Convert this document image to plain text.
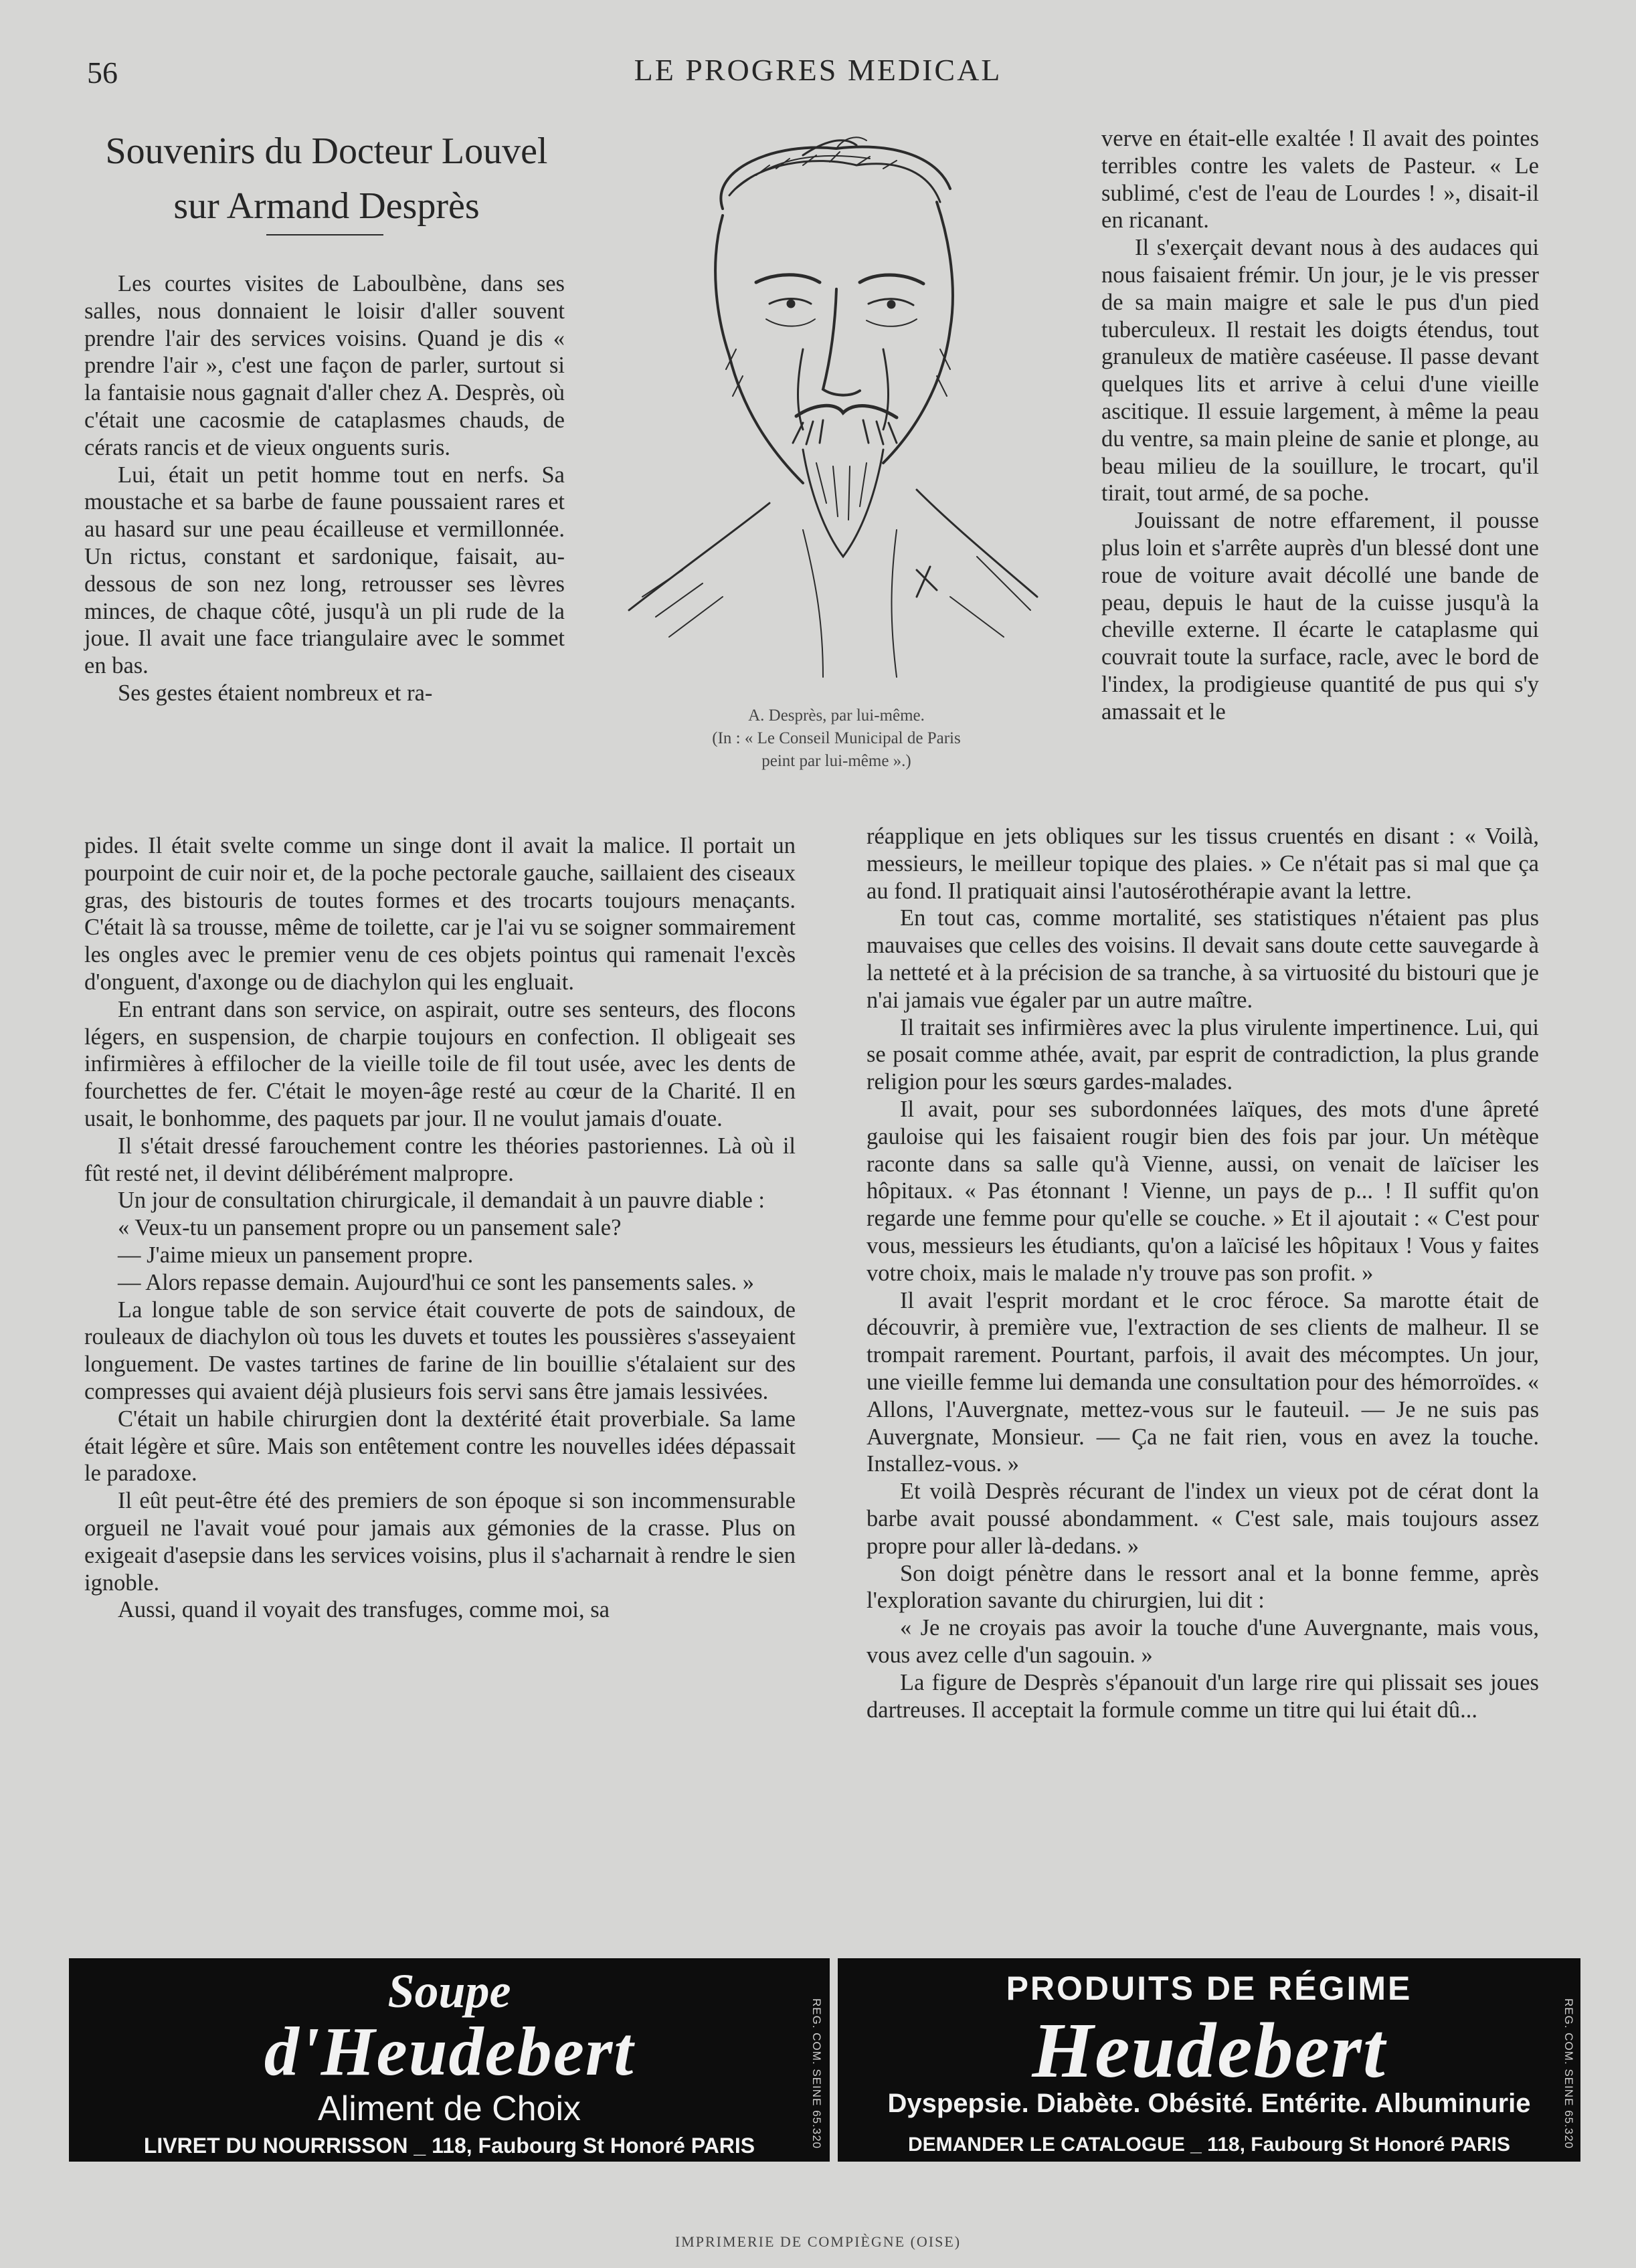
56	LE PROGRES MEDICAL
Souvenirs du Docteur Louvel
sur Armand Desprès

Les courtes visites de Laboulbène, dans ses salles, nous donnaient le loisir d'aller souvent prendre l'air des services voisins. Quand je dis « prendre l'air », c'est une façon de parler, surtout si la fantaisie nous gagnait d'aller chez A. Desprès, où c'était une cacosmie de cataplasmes chauds, de cérats rancis et de vieux onguents suris.

Lui, était un petit homme tout en nerfs. Sa moustache et sa barbe de faune poussaient rares et au hasard sur une peau écailleuse et vermillonnée. Un rictus, constant et sardonique, faisait, au-dessous de son nez long, retrousser ses lèvres minces, de chaque côté, jusqu'à un pli rude de la joue. Il avait une face triangulaire avec le sommet en bas.

Ses gestes étaient nombreux et ra-

pides. Il était svelte comme un singe dont il avait la malice. Il portait un pourpoint de cuir noir et, de la poche pectorale gauche, saillaient des ciseaux gras, des bistouris de toutes formes et des trocarts toujours menaçants. C'était là sa trousse, même de toilette, car je l'ai vu se soigner sommairement les ongles avec le premier venu de ces objets pointus qui ramenait l'excès d'onguent, d'axonge ou de diachylon qui les engluait.

En entrant dans son service, on aspirait, outre ses senteurs, des flocons légers, en suspension, de charpie toujours en confection. Il obligeait ses infirmières à effilocher de la vieille toile de fil tout usée, avec les dents de fourchettes de fer. C'était le moyen-âge resté au cœur de la Charité. Il en usait, le bonhomme, des paquets par jour. Il ne voulut jamais d'ouate.

Il s'était dressé farouchement contre les théories pastoriennes. Là où il fût resté net, il devint délibérément malpropre.

Un jour de consultation chirurgicale, il demandait à un pauvre diable :

« Veux-tu un pansement propre ou un pansement sale?

— J'aime mieux un pansement propre.

— Alors repasse demain. Aujourd'hui ce sont les pansements sales. »

La longue table de son service était couverte de pots de saindoux, de rouleaux de diachylon où tous les duvets et toutes les poussières s'asseyaient longuement. De vastes tartines de farine de lin bouillie s'étalaient sur des compresses qui avaient déjà plusieurs fois servi sans être jamais lessivées.

C'était un habile chirurgien dont la dextérité était proverbiale. Sa lame était légère et sûre. Mais son entêtement contre les nouvelles idées dépassait le paradoxe.

Il eût peut-être été des premiers de son époque si son incommensurable orgueil ne l'avait voué pour jamais aux gémonies de la crasse. Plus on exigeait d'asepsie dans les services voisins, plus il s'acharnait à rendre le sien ignoble.

Aussi, quand il voyait des transfuges, comme moi, sa

A. Desprès, par lui-même.
(In : « Le Conseil Municipal de Paris
peint par lui-même ».)

verve en était-elle exaltée ! Il avait des pointes terribles contre les valets de Pasteur. « Le sublimé, c'est de l'eau de Lourdes ! », disait-il en ricanant.

Il s'exerçait devant nous à des audaces qui nous faisaient frémir. Un jour, je le vis presser de sa main maigre et sale le pus d'un pied tuberculeux. Il restait les doigts étendus, tout granuleux de matière caséeuse. Il passe devant quelques lits et arrive à celui d'une vieille ascitique. Il essuie largement, à même la peau du ventre, sa main pleine de sanie et plonge, au beau milieu de la souillure, le trocart, qu'il tirait, tout armé, de sa poche.

Jouissant de notre effarement, il pousse plus loin et s'arrête auprès d'un blessé dont une roue de voiture avait décollé une bande de peau, depuis le haut de la cuisse jusqu'à la cheville externe. Il écarte le cataplasme qui couvrait toute la surface, racle, avec le bord de l'index, la prodigieuse quantité de pus qui s'y amassait et le

réapplique en jets obliques sur les tissus cruentés en disant : « Voilà, messieurs, le meilleur topique des plaies. » Ce n'était pas si mal que ça au fond. Il pratiquait ainsi l'autosérothérapie avant la lettre.

En tout cas, comme mortalité, ses statistiques n'étaient pas plus mauvaises que celles des voisins. Il devait sans doute cette sauvegarde à la netteté et à la précision de sa tranche, à sa virtuosité du bistouri que je n'ai jamais vue égaler par un autre maître.

Il traitait ses infirmières avec la plus virulente impertinence. Lui, qui se posait comme athée, avait, par esprit de contradiction, la plus grande religion pour les sœurs gardes-malades.

Il avait, pour ses subordonnées laïques, des mots d'une âpreté gauloise qui les faisaient rougir bien des fois par jour. Un métèque raconte dans sa salle qu'à Vienne, aussi, on venait de laïciser les hôpitaux. « Pas étonnant ! Vienne, un pays de p... ! Il suffit qu'on regarde une femme pour qu'elle se couche. » Et il ajoutait : « C'est pour vous, messieurs les étudiants, qu'on a laïcisé les hôpitaux ! Vous y faites votre choix, mais le malade n'y trouve pas son profit. »

Il avait l'esprit mordant et le croc féroce. Sa marotte était de découvrir, à première vue, l'extraction de ses clients de malheur. Il se trompait rarement. Pourtant, parfois, il avait des mécomptes. Un jour, une vieille femme lui demanda une consultation pour des hémorroïdes. « Allons, l'Auvergnate, mettez-vous sur le fauteuil. — Je ne suis pas Auvergnate, Monsieur. — Ça ne fait rien, vous en avez la touche. Installez-vous. »

Et voilà Desprès récurant de l'index un vieux pot de cérat dont la barbe avait poussé abondamment. « C'est sale, mais toujours assez propre pour aller là-dedans. »

Son doigt pénètre dans le ressort anal et la bonne femme, après l'exploration savante du chirurgien, lui dit :

« Je ne croyais pas avoir la touche d'une Auvergnante, mais vous, vous avez celle d'un sagouin. »

La figure de Desprès s'épanouit d'un large rire qui plissait ses joues dartreuses. Il acceptait la formule comme un titre qui lui était dû...

Soupe
d'Heudebert
Aliment de Choix
LIVRET DU NOURRISSON _ 118, Faubourg St Honoré PARIS	REG. COM. SEINE 65.320
PRODUITS DE RÉGIME
Heudebert
Dyspepsie. Diabète. Obésité. Entérite. Albuminurie
DEMANDER LE CATALOGUE _ 118, Faubourg St Honoré PARIS	REG. COM. SEINE 65.320
IMPRIMERIE DE COMPIÈGNE (OISE)
